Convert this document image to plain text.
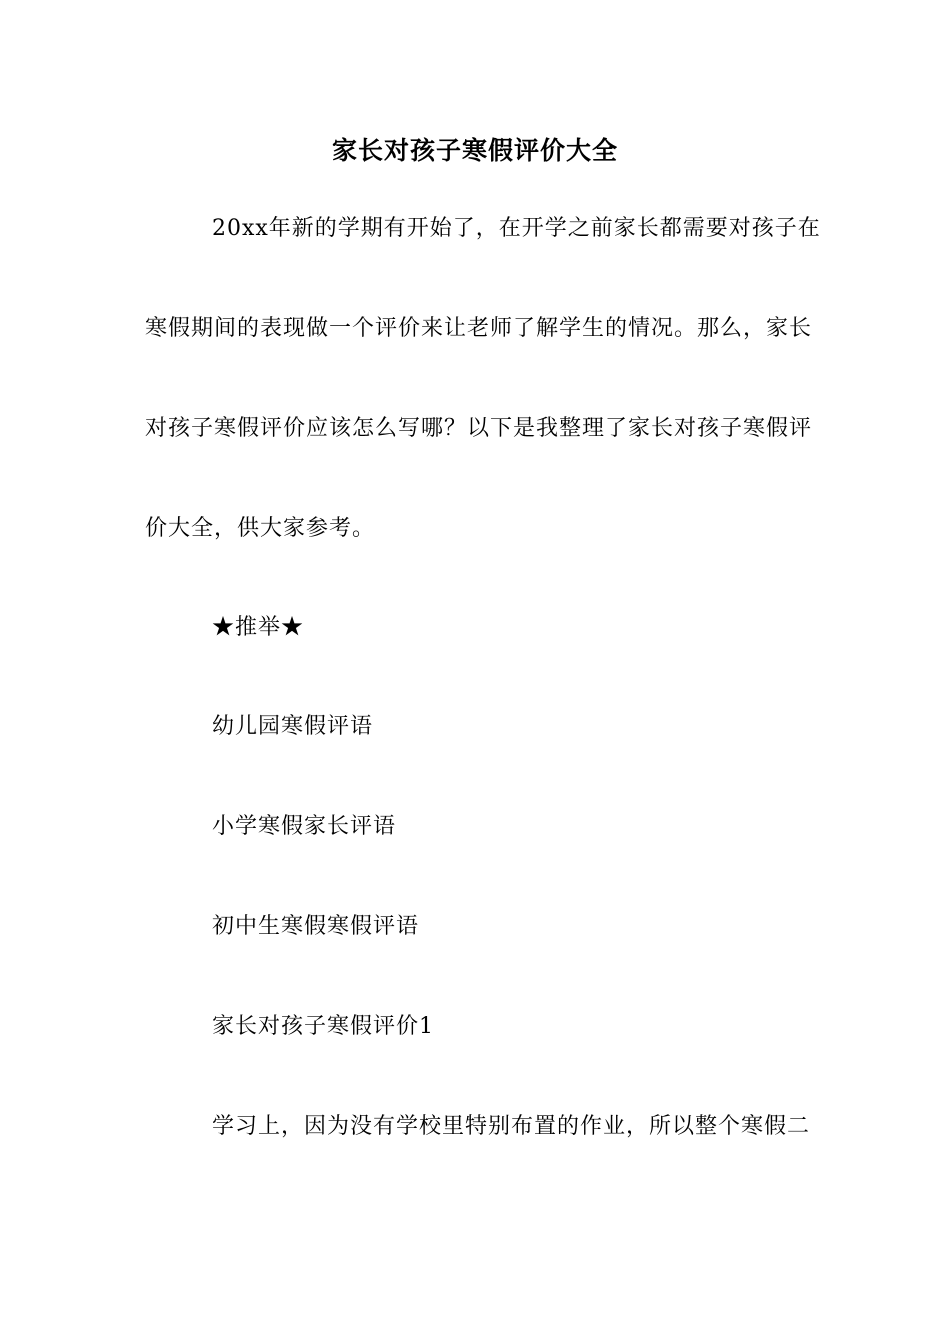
家长对孩子寒假评价大全
20xx年新的学期有开始了，在开学之前家长都需要对孩子在
寒假期间的表现做一个评价来让老师了解学生的情况。那么，家长
对孩子寒假评价应该怎么写哪？以下是我整理了家长对孩子寒假评
价大全，供大家参考。
★推举★
幼儿园寒假评语
小学寒假家长评语
初中生寒假寒假评语
家长对孩子寒假评价1
学习上，因为没有学校里特别布置的作业，所以整个寒假二
